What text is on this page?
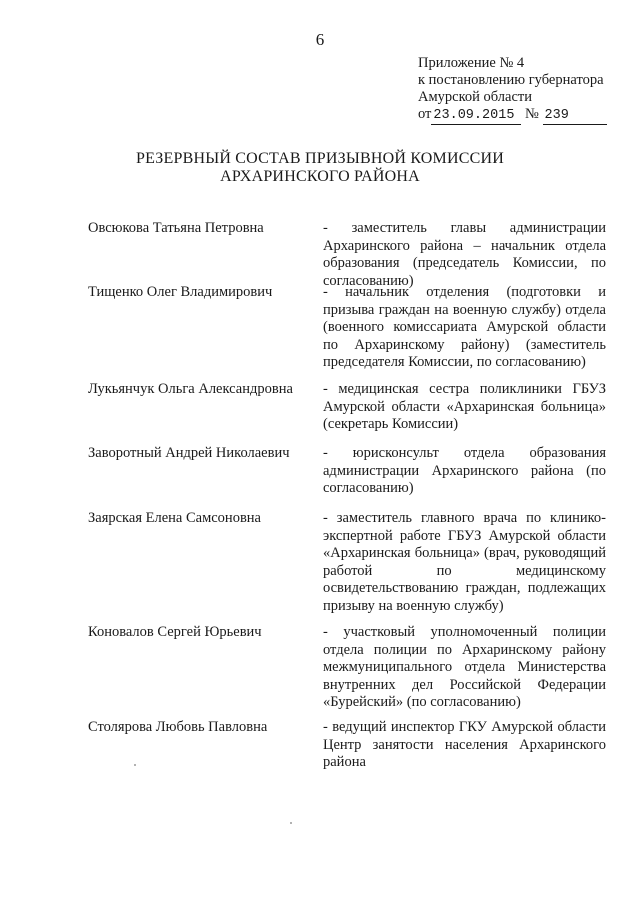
6
Приложение № 4
к постановлению губернатора
Амурской области
от 23.09.2015 № 239
РЕЗЕРВНЫЙ СОСТАВ ПРИЗЫВНОЙ КОМИССИИ
АРХАРИНСКОГО РАЙОНА
Овсюкова Татьяна Петровна	- заместитель главы администрации Архаринского района – начальник отдела образования (председатель Комиссии, по согласованию)
Тищенко Олег Владимирович	- начальник отделения (подготовки и призыва граждан на военную службу) отдела (военного комиссариата Амурской области по Архаринскому району) (заместитель председателя Комиссии, по согласованию)
Лукьянчук Ольга Александровна	- медицинская сестра поликлиники ГБУЗ Амурской области «Архаринская больница» (секретарь Комиссии)
Заворотный Андрей Николаевич	- юрисконсульт отдела образования администрации Архаринского района (по согласованию)
Заярская Елена Самсоновна	- заместитель главного врача по клинико-экспертной работе ГБУЗ Амурской области «Архаринская больница» (врач, руководящий работой по медицинскому освидетельствованию граждан, подлежащих призыву на военную службу)
Коновалов Сергей Юрьевич	- участковый уполномоченный полиции отдела полиции по Архаринскому району межмуниципального отдела Министерства внутренних дел Российской Федерации «Бурейский» (по согласованию)
Столярова Любовь Павловна	- ведущий инспектор ГКУ Амурской области Центр занятости населения Архаринского района
